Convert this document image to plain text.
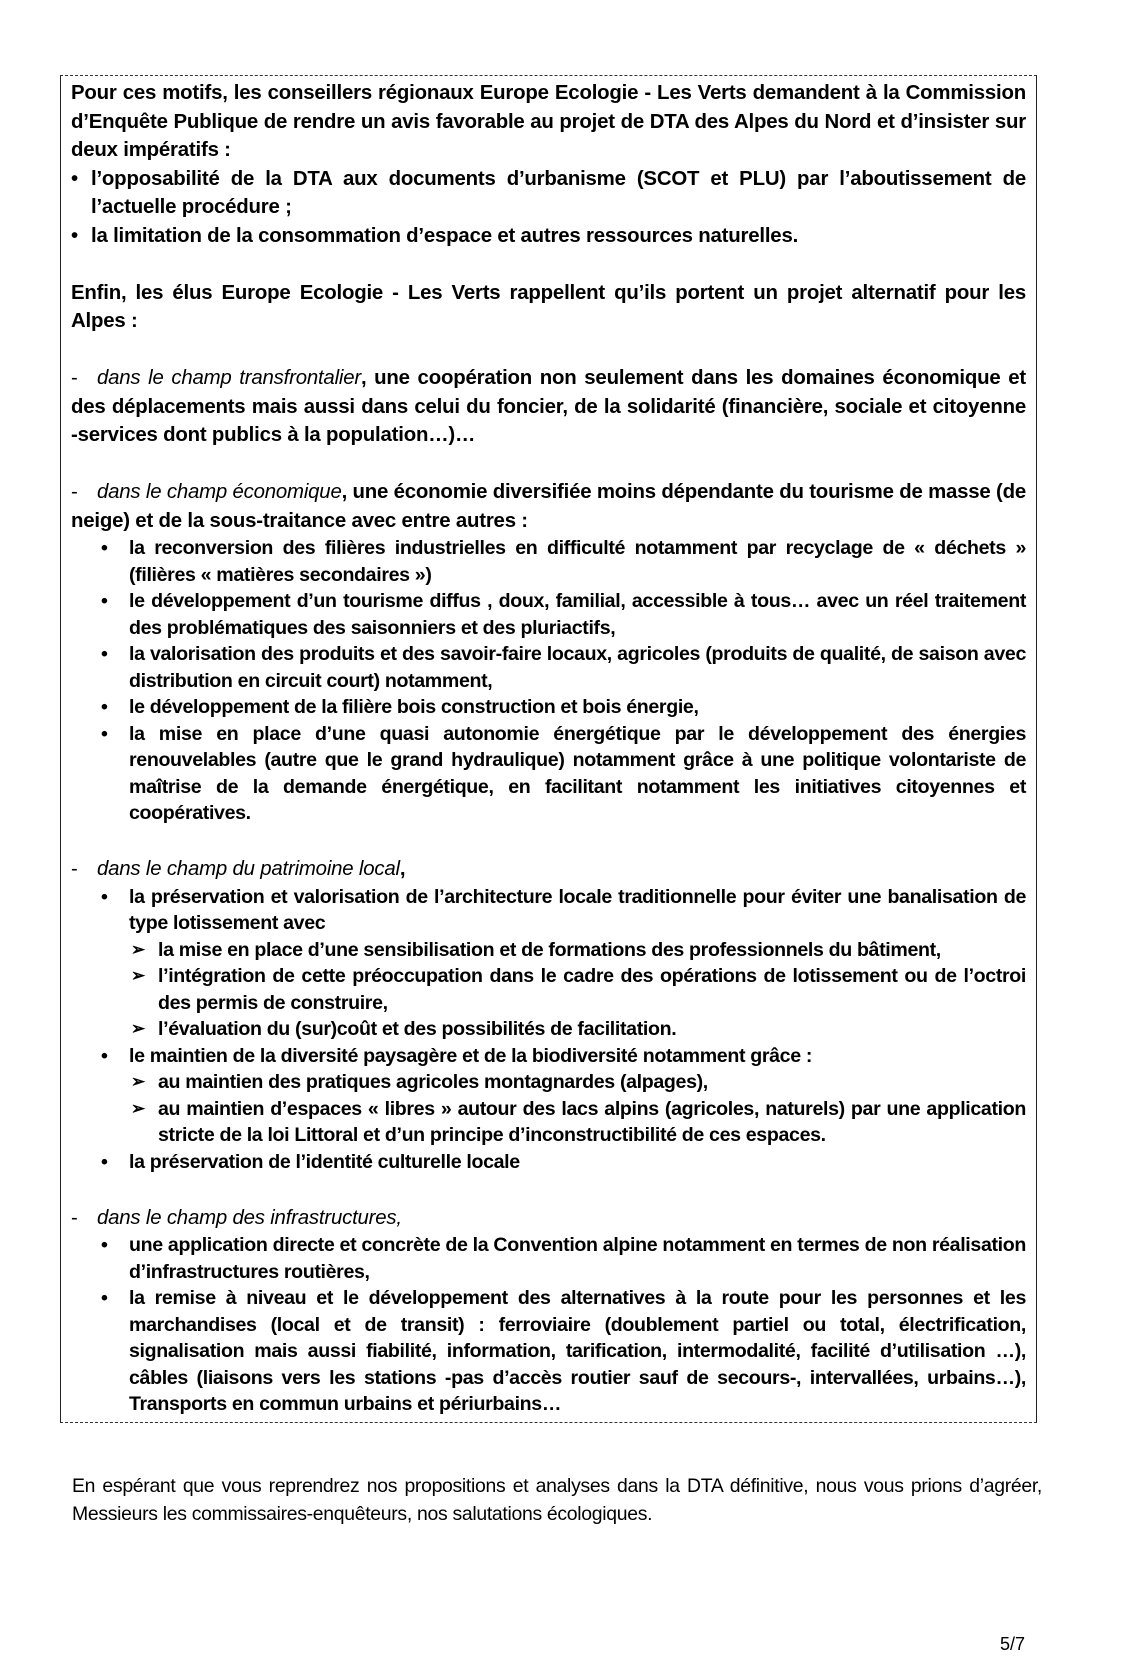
Pour ces motifs, les conseillers régionaux Europe Ecologie - Les Verts demandent à la Commission d’Enquête Publique de rendre un avis favorable au projet de DTA des Alpes du Nord et d’insister sur deux impératifs :

• l’opposabilité de la DTA aux documents d’urbanisme (SCOT et PLU) par l’aboutissement de l’actuelle procédure ;

• la limitation de la consommation d’espace et autres ressources naturelles.

Enfin, les élus Europe Ecologie - Les Verts rappellent qu’ils portent un projet alternatif pour les Alpes :

- dans le champ transfrontalier, une coopération non seulement dans les domaines économique et des déplacements mais aussi dans celui du foncier, de la solidarité (financière, sociale et citoyenne -services dont publics à la population…)…

- dans le champ économique, une économie diversifiée moins dépendante du tourisme de masse (de neige) et de la sous-traitance avec entre autres :

• la reconversion des filières industrielles en difficulté notamment par recyclage de « déchets » (filières « matières secondaires »)
• le développement d’un tourisme diffus , doux, familial, accessible à tous… avec un réel traitement des problématiques des saisonniers et des pluriactifs,
• la valorisation des produits et des savoir-faire locaux, agricoles (produits de qualité, de saison avec distribution en circuit court) notamment,
• le développement de la filière bois construction et bois énergie,
• la mise en place d’une quasi autonomie énergétique par le développement des énergies renouvelables (autre que le grand hydraulique) notamment grâce à une politique volontariste de maîtrise de la demande énergétique, en facilitant notamment les initiatives citoyennes et coopératives.

- dans le champ du patrimoine local,

• la préservation et valorisation de l’architecture locale traditionnelle pour éviter une banalisation de type lotissement avec
➢ la mise en place d’une sensibilisation et de formations des professionnels du bâtiment,
➢ l’intégration de cette préoccupation dans le cadre des opérations de lotissement ou de l’octroi des permis de construire,
➢ l’évaluation du (sur)coût et des possibilités de facilitation.
• le maintien de la diversité paysagère et de la biodiversité notamment grâce :
➢ au maintien des pratiques agricoles montagnardes (alpages),
➢ au maintien d’espaces « libres » autour des lacs alpins (agricoles, naturels) par une application stricte de la loi Littoral et d’un principe d’inconstructibilité de ces espaces.
• la préservation de l’identité culturelle locale

- dans le champ des infrastructures,

• une application directe et concrète de la Convention alpine notamment en termes de non réalisation d’infrastructures routières,
• la remise à niveau et le développement des alternatives à la route pour les personnes et les marchandises (local et de transit) : ferroviaire (doublement partiel ou total, électrification, signalisation mais aussi fiabilité, information, tarification, intermodalité, facilité d’utilisation …), câbles (liaisons vers les stations -pas d’accès routier sauf de secours-, intervallées, urbains…), Transports en commun urbains et périurbains…

En espérant que vous reprendrez nos propositions et analyses dans la DTA définitive, nous vous prions d’agréer, Messieurs les commissaires-enquêteurs, nos salutations écologiques.

5/7
